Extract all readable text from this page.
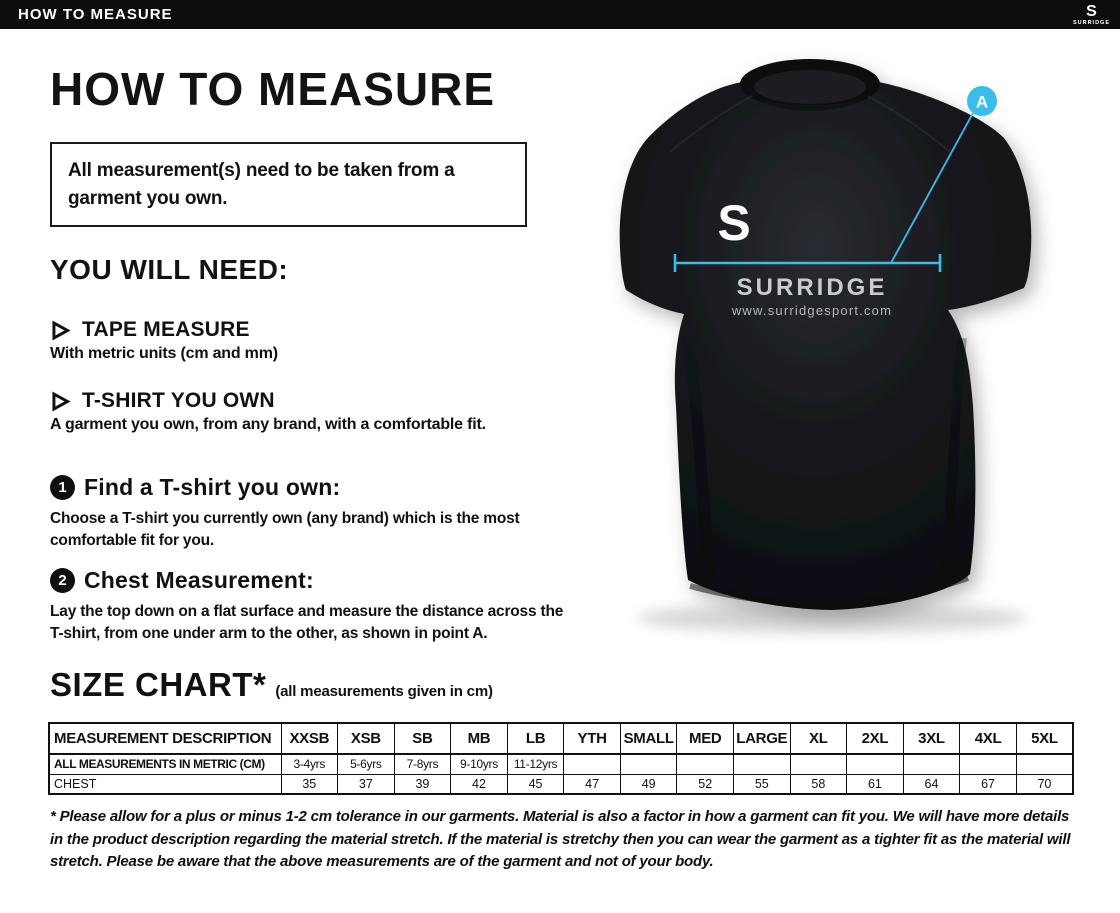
HOW TO MEASURE	S
SURRIDGE
HOW TO MEASURE
All measurement(s) need to be taken from a garment you own.
YOU WILL NEED:
TAPE MEASURE
With metric units (cm and mm)
T-SHIRT YOU OWN
A garment you own, from any brand, with a comfortable fit.
1 Find a T-shirt you own:
Choose a T-shirt you currently own (any brand) which is the most comfortable fit for you.
2 Chest Measurement:
Lay the top down on a flat surface and measure the distance across the T-shirt, from one under arm to the other, as shown in point A.
SIZE CHART* (all measurements given in cm)
MEASUREMENT DESCRIPTION	XXSB	XSB	SB	MB	LB	YTH	SMALL	MED	LARGE	XL	2XL	3XL	4XL	5XL
ALL MEASUREMENTS IN METRIC (CM)	3-4yrs	5-6yrs	7-8yrs	9-10yrs	11-12yrs									
CHEST	35	37	39	42	45	47	49	52	55	58	61	64	67	70
* Please allow for a plus or minus 1-2 cm tolerance in our garments. Material is also a factor in how a garment can fit you. We will have more details in the product description regarding the material stretch. If the material is stretchy then you can wear the garment as a tighter fit as the material will stretch. Please be aware that the above measurements are of the garment and not of your body.
S
A
SURRIDGE
www.surridgesport.com
